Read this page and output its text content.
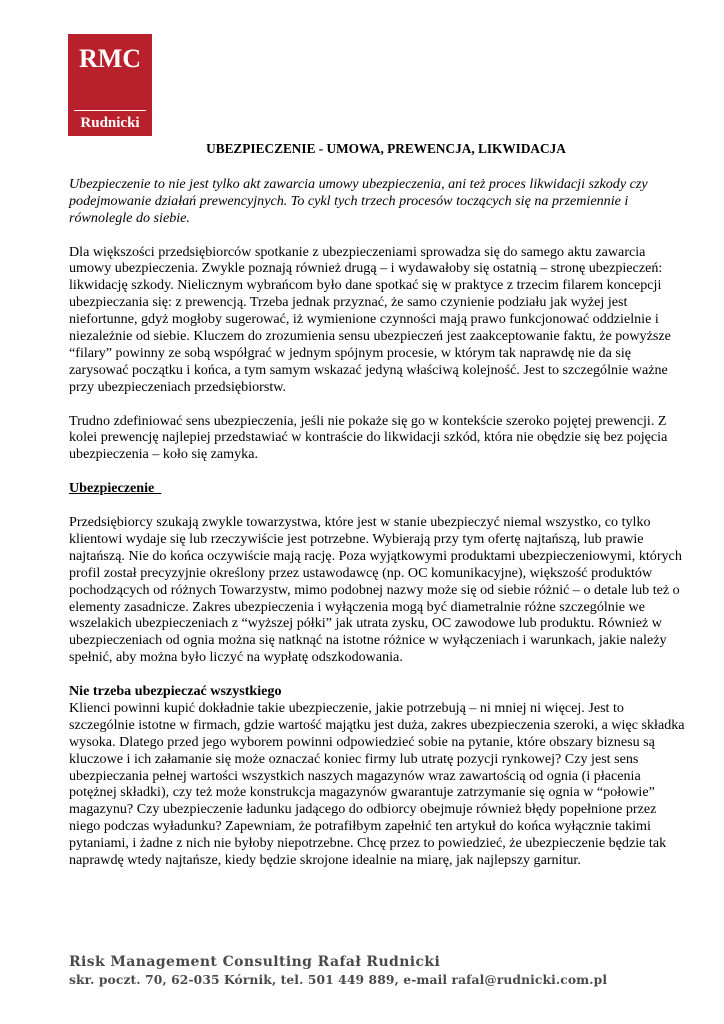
RMC
Rudnicki
UBEZPIECZENIE - UMOWA, PREWENCJA, LIKWIDACJA

Ubezpieczenie to nie jest tylko akt zawarcia umowy ubezpieczenia, ani też proces likwidacji szkody czy podejmowanie działań prewencyjnych. To cykl tych trzech procesów toczących się na przemiennie i równolegle do siebie.

Dla większości przedsiębiorców spotkanie z ubezpieczeniami sprowadza się do samego aktu zawarcia umowy ubezpieczenia. Zwykle poznają również drugą – i wydawałoby się ostatnią – stronę ubezpieczeń: likwidację szkody. Nielicznym wybrańcom było dane spotkać się w praktyce z trzecim filarem koncepcji ubezpieczania się: z prewencją. Trzeba jednak przyznać, że samo czynienie podziału jak wyżej jest niefortunne, gdyż mogłoby sugerować, iż wymienione czynności mają prawo funkcjonować oddzielnie i niezależnie od siebie. Kluczem do zrozumienia sensu ubezpieczeń jest zaakceptowanie faktu, że powyższe “filary” powinny ze sobą współgrać w jednym spójnym procesie, w którym tak naprawdę nie da się zarysować początku i końca, a tym samym wskazać jedyną właściwą kolejność. Jest to szczególnie ważne przy ubezpieczeniach przedsiębiorstw.

Trudno zdefiniować sens ubezpieczenia, jeśli nie pokaże się go w kontekście szeroko pojętej prewencji. Z kolei prewencję najlepiej przedstawiać w kontraście do likwidacji szkód, która nie obędzie się bez pojęcia ubezpieczenia – koło się zamyka.

Ubezpieczenie

Przedsiębiorcy szukają zwykle towarzystwa, które jest w stanie ubezpieczyć niemal wszystko, co tylko klientowi wydaje się lub rzeczywiście jest potrzebne. Wybierają przy tym ofertę najtańszą, lub prawie najtańszą. Nie do końca oczywiście mają rację. Poza wyjątkowymi produktami ubezpieczeniowymi, których profil został precyzyjnie określony przez ustawodawcę (np. OC komunikacyjne), większość produktów pochodzących od różnych Towarzystw, mimo podobnej nazwy może się od siebie różnić – o detale lub też o elementy zasadnicze. Zakres ubezpieczenia i wyłączenia mogą być diametralnie różne szczególnie we wszelakich ubezpieczeniach z “wyższej półki” jak utrata zysku, OC zawodowe lub produktu. Również w ubezpieczeniach od ognia można się natknąć na istotne różnice w wyłączeniach i warunkach, jakie należy spełnić, aby można było liczyć na wypłatę odszkodowania.

Nie trzeba ubezpieczać wszystkiego

Klienci powinni kupić dokładnie takie ubezpieczenie, jakie potrzebują – ni mniej ni więcej. Jest to szczególnie istotne w firmach, gdzie wartość majątku jest duża, zakres ubezpieczenia szeroki, a więc składka wysoka. Dlatego przed jego wyborem powinni odpowiedzieć sobie na pytanie, które obszary biznesu są kluczowe i ich załamanie się może oznaczać koniec firmy lub utratę pozycji rynkowej? Czy jest sens ubezpieczania pełnej wartości wszystkich naszych magazynów wraz zawartością od ognia (i płacenia potężnej składki), czy też może konstrukcja magazynów gwarantuje zatrzymanie się ognia w “połowie” magazynu? Czy ubezpieczenie ładunku jadącego do odbiorcy obejmuje również błędy popełnione przez niego podczas wyładunku? Zapewniam, że potrafiłbym zapełnić ten artykuł do końca wyłącznie takimi pytaniami, i żadne z nich nie byłoby niepotrzebne. Chcę przez to powiedzieć, że ubezpieczenie będzie tak naprawdę wtedy najtańsze, kiedy będzie skrojone idealnie na miarę, jak najlepszy garnitur.

Risk Management Consulting Rafał Rudnicki
skr. poczt. 70, 62-035 Kórnik, tel. 501 449 889, e-mail rafal@rudnicki.com.pl
